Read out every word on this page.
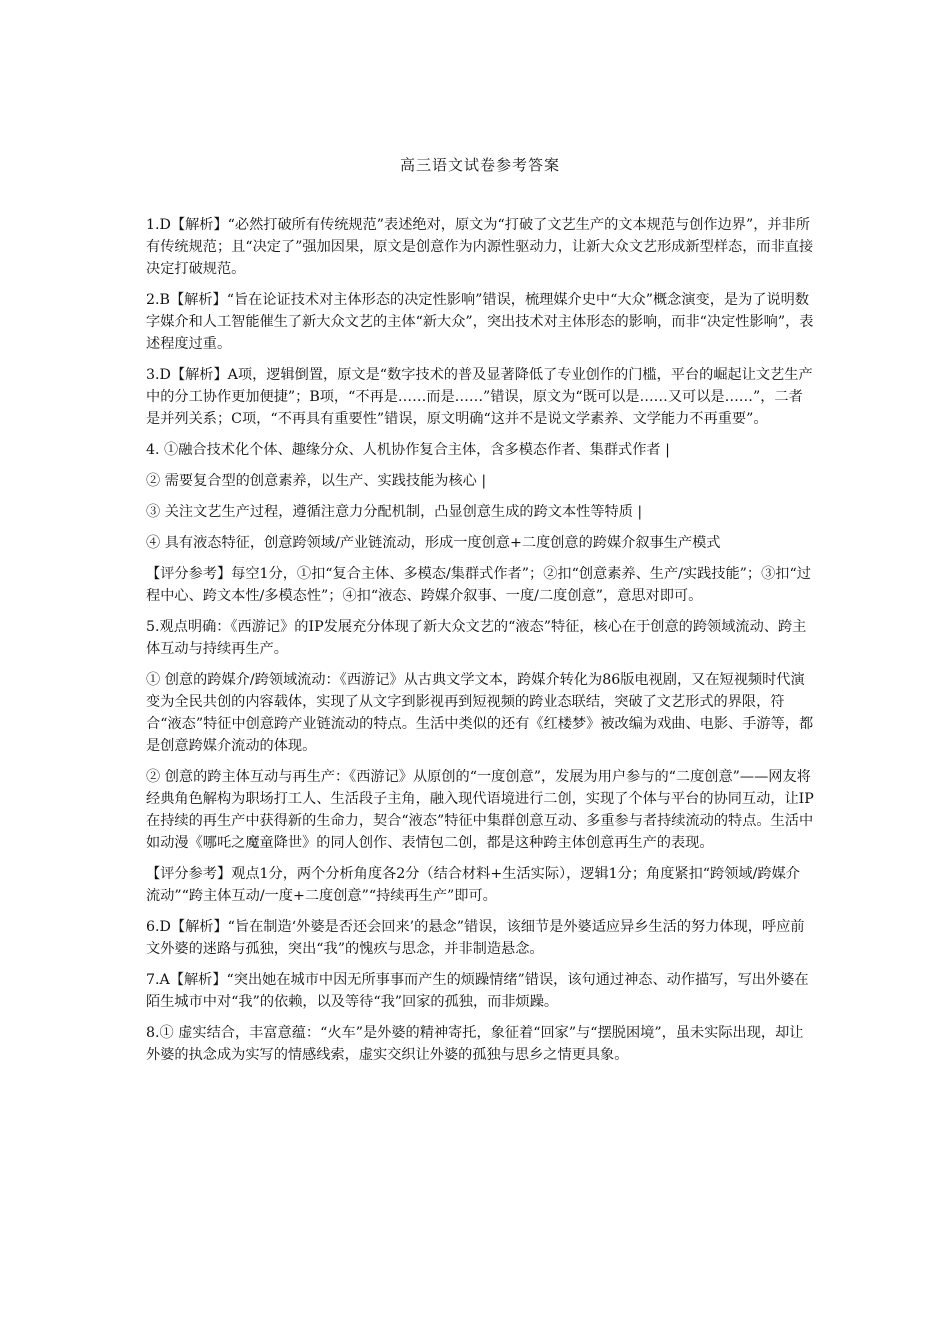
高三语文试卷参考答案

1.D【解析】“必然打破所有传统规范”表述绝对，原文为“打破了文艺生产的文本规范与创作边界”，并非所有传统规范；且“决定了”强加因果，原文是创意作为内源性驱动力，让新大众文艺形成新型样态，而非直接决定打破规范。

2.B【解析】“旨在论证技术对主体形态的决定性影响”错误，梳理媒介史中“大众”概念演变，是为了说明数字媒介和人工智能催生了新大众文艺的主体“新大众”，突出技术对主体形态的影响，而非“决定性影响”，表述程度过重。

3.D【解析】A项，逻辑倒置，原文是“数字技术的普及显著降低了专业创作的门槛，平台的崛起让文艺生产中的分工协作更加便捷”；B项，“不再是……而是……”错误，原文为“既可以是……又可以是……”，二者是并列关系；C项，“不再具有重要性”错误，原文明确“这并不是说文学素养、文学能力不再重要”。

4. ①融合技术化个体、趣缘分众、人机协作复合主体，含多模态作者、集群式作者 |

② 需要复合型的创意素养，以生产、实践技能为核心 |

③ 关注文艺生产过程，遵循注意力分配机制，凸显创意生成的跨文本性等特质 |

④ 具有液态特征，创意跨领域/产业链流动，形成一度创意+二度创意的跨媒介叙事生产模式

【评分参考】每空1分，①扣“复合主体、多模态/集群式作者”；②扣“创意素养、生产/实践技能”；③扣“过程中心、跨文本性/多模态性”；④扣“液态、跨媒介叙事、一度/二度创意”，意思对即可。

5.观点明确：《西游记》的IP发展充分体现了新大众文艺的“液态”特征，核心在于创意的跨领域流动、跨主体互动与持续再生产。

① 创意的跨媒介/跨领域流动：《西游记》从古典文学文本，跨媒介转化为86版电视剧，又在短视频时代演变为全民共创的内容载体，实现了从文字到影视再到短视频的跨业态联结，突破了文艺形式的界限，符合“液态”特征中创意跨产业链流动的特点。生活中类似的还有《红楼梦》被改编为戏曲、电影、手游等，都是创意跨媒介流动的体现。

② 创意的跨主体互动与再生产：《西游记》从原创的“一度创意”，发展为用户参与的“二度创意”——网友将经典角色解构为职场打工人、生活段子主角，融入现代语境进行二创，实现了个体与平台的协同互动，让IP在持续的再生产中获得新的生命力，契合“液态”特征中集群创意互动、多重参与者持续流动的特点。生活中如动漫《哪吒之魔童降世》的同人创作、表情包二创，都是这种跨主体创意再生产的表现。

【评分参考】观点1分，两个分析角度各2分（结合材料+生活实际），逻辑1分；角度紧扣“跨领域/跨媒介流动”“跨主体互动/一度+二度创意”“持续再生产”即可。

6.D【解析】“旨在制造‘外婆是否还会回来’的悬念”错误，该细节是外婆适应异乡生活的努力体现，呼应前文外婆的迷路与孤独，突出“我”的愧疚与思念，并非制造悬念。

7.A【解析】“突出她在城市中因无所事事而产生的烦躁情绪”错误，该句通过神态、动作描写，写出外婆在陌生城市中对“我”的依赖，以及等待“我”回家的孤独，而非烦躁。

8.① 虚实结合，丰富意蕴：“火车”是外婆的精神寄托，象征着“回家”与“摆脱困境”，虽未实际出现，却让外婆的执念成为实写的情感线索，虚实交织让外婆的孤独与思乡之情更具象。
